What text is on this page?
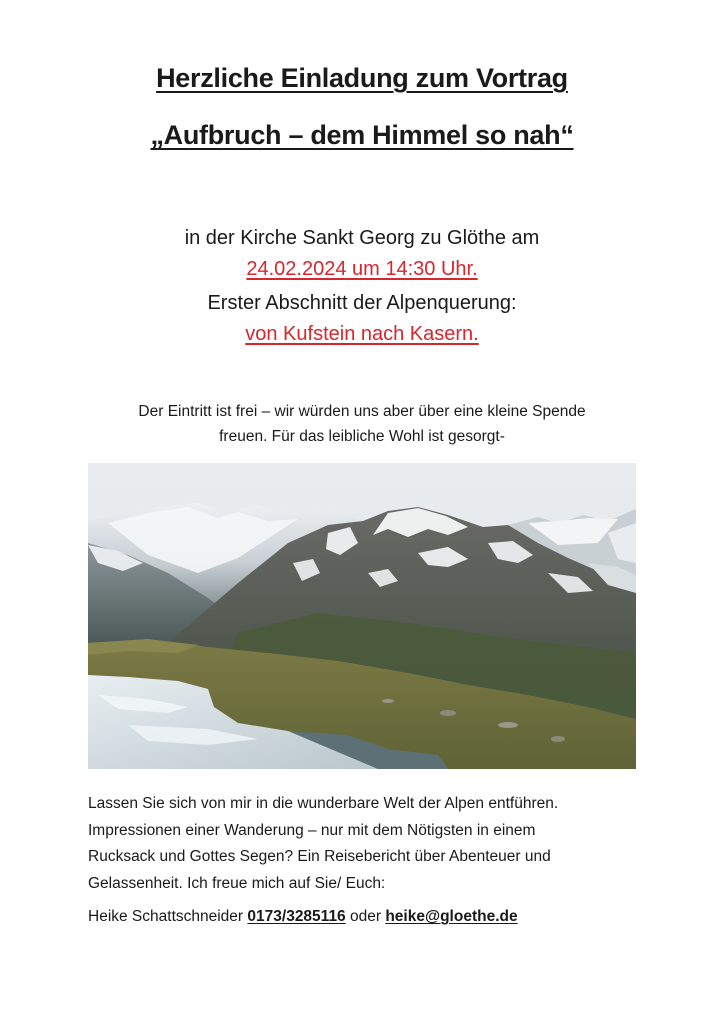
Herzliche Einladung zum Vortrag
„Aufbruch – dem Himmel so nah“
in der Kirche Sankt Georg zu Glöthe am
24.02.2024 um 14:30 Uhr.
Erster Abschnitt der Alpenquerung:
von Kufstein nach Kasern.
Der Eintritt ist frei – wir würden uns aber über eine kleine Spende
freuen. Für das leibliche Wohl ist gesorgt-
Lassen Sie sich von mir in die wunderbare Welt der Alpen entführen.
Impressionen einer Wanderung – nur mit dem Nötigsten in einem
Rucksack und Gottes Segen? Ein Reisebericht über Abenteuer und
Gelassenheit. Ich freue mich auf Sie/ Euch:
Heike Schattschneider 0173/3285116 oder heike@gloethe.de
